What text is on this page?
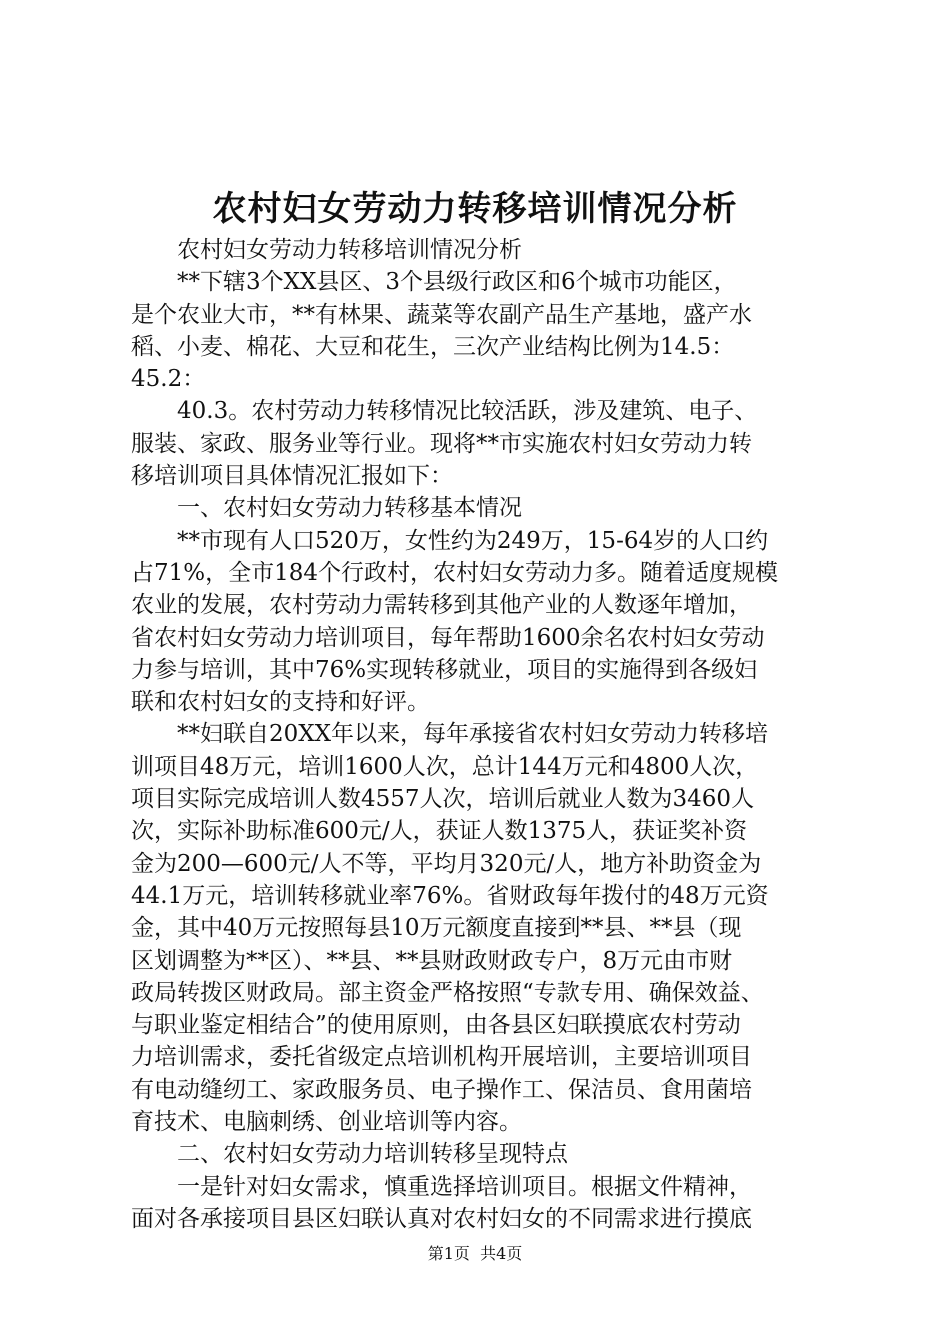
农村妇女劳动力转移培训情况分析
农村妇女劳动力转移培训情况分析
**下辖3个XX县区、3个县级行政区和6个城市功能区，
是个农业大市，**有林果、蔬菜等农副产品生产基地，盛产水
稻、小麦、棉花、大豆和花生，三次产业结构比例为14.5：
45.2：
40.3。农村劳动力转移情况比较活跃，涉及建筑、电子、
服装、家政、服务业等行业。现将**市实施农村妇女劳动力转
移培训项目具体情况汇报如下：
一、农村妇女劳动力转移基本情况
**市现有人口520万，女性约为249万，15-64岁的人口约
占71%，全市184个行政村，农村妇女劳动力多。随着适度规模
农业的发展，农村劳动力需转移到其他产业的人数逐年增加，
省农村妇女劳动力培训项目，每年帮助1600余名农村妇女劳动
力参与培训，其中76%实现转移就业，项目的实施得到各级妇
联和农村妇女的支持和好评。
**妇联自20XX年以来，每年承接省农村妇女劳动力转移培
训项目48万元，培训1600人次，总计144万元和4800人次，
项目实际完成培训人数4557人次，培训后就业人数为3460人
次，实际补助标准600元/人，获证人数1375人，获证奖补资
金为200—600元/人不等，平均月320元/人，地方补助资金为
44.1万元，培训转移就业率76%。省财政每年拨付的48万元资
金，其中40万元按照每县10万元额度直接到**县、**县（现
区划调整为**区）、**县、**县财政财政专户，8万元由市财
政局转拨区财政局。部主资金严格按照“专款专用、确保效益、
与职业鉴定相结合”的使用原则，由各县区妇联摸底农村劳动
力培训需求，委托省级定点培训机构开展培训，主要培训项目
有电动缝纫工、家政服务员、电子操作工、保洁员、食用菌培
育技术、电脑刺绣、创业培训等内容。
二、农村妇女劳动力培训转移呈现特点
一是针对妇女需求，慎重选择培训项目。根据文件精神，
面对各承接项目县区妇联认真对农村妇女的不同需求进行摸底
第1页  共4页
